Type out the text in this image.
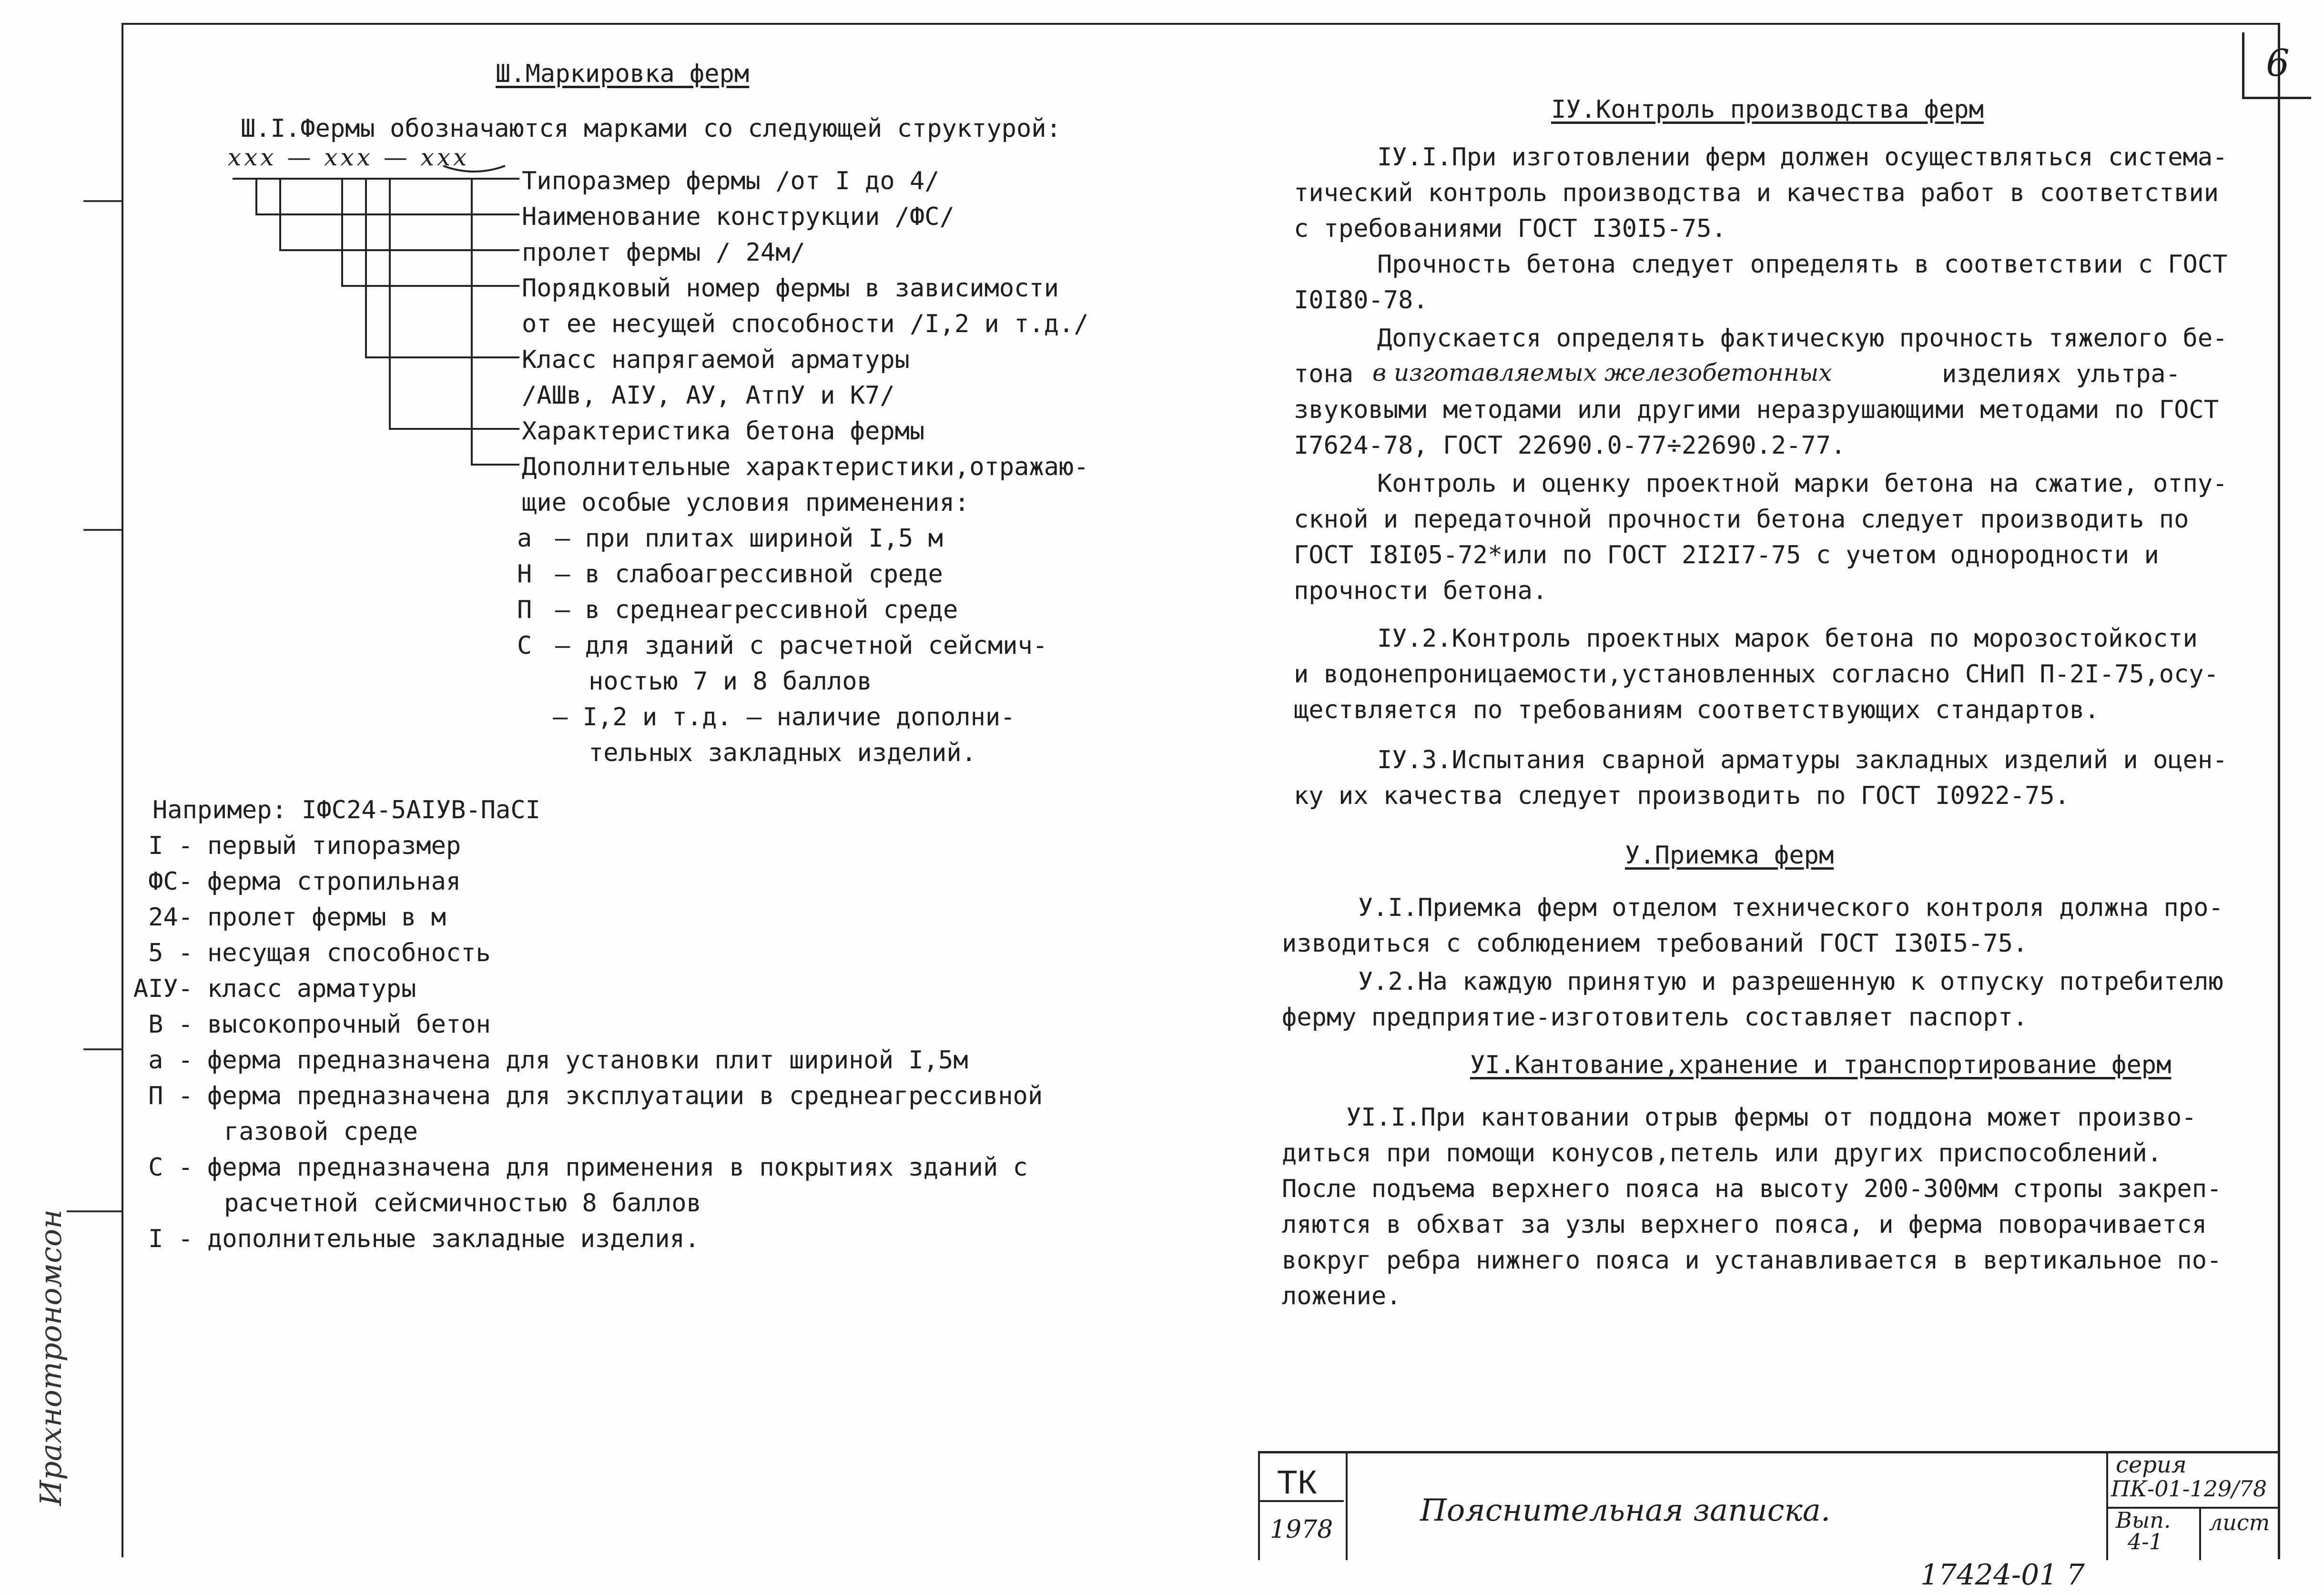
6
Ирахнотрономсон
Ш.Маркировка ферм
Ш.I.Фермы обозначаются марками со следующей структурой:
ххх — ххх — ххх
Типоразмер фермы /от I до 4/
Наименование конструкции /ФС/
пролет фермы / 24м/
Порядковый номер фермы в зависимости
от ее несущей способности /I,2 и т.д./
Класс напрягаемой арматуры
/АШв, АIУ, АУ, АтпУ и К7/
Характеристика бетона фермы
Дополнительные характеристики,отражаю-
щие особые условия применения:
а – при плитах шириной I,5 м
Н – в слабоагрессивной среде
П – в среднеагрессивной среде
С – для зданий с расчетной сейсмич-
ностью 7 и 8 баллов
– I,2 и т.д. – наличие дополни-
тельных закладных изделий.
Например: IФС24-5АIУВ-ПаСI
I - первый типоразмер
ФС- ферма стропильная
24- пролет фермы в м
5 - несущая способность
АIУ- класс арматуры
В - высокопрочный бетон
а - ферма предназначена для установки плит шириной I,5м
П - ферма предназначена для эксплуатации в среднеагрессивной
газовой среде
С - ферма предназначена для применения в покрытиях зданий с
расчетной сейсмичностью 8 баллов
I - дополнительные закладные изделия.
IУ.Контроль производства ферм
IУ.I.При изготовлении ферм должен осуществляться система-
тический контроль производства и качества работ в соответствии
с требованиями ГОСТ I30I5-75.
Прочность бетона следует определять в соответствии с ГОСТ
I0I80-78.
Допускается определять фактическую прочность тяжелого бе-
тона в изготавляемых железобетонных	изделиях ультра-
звуковыми методами или другими неразрушающими методами по ГОСТ
I7624-78, ГОСТ 22690.0-77÷22690.2-77.
Контроль и оценку проектной марки бетона на сжатие, отпу-
скной и передаточной прочности бетона следует производить по
ГОСТ I8I05-72*или по ГОСТ 2I2I7-75 с учетом однородности и
прочности бетона.
IУ.2.Контроль проектных марок бетона по морозостойкости
и водонепроницаемости,установленных согласно СНиП П-2I-75,осу-
ществляется по требованиям соответствующих стандартов.
IУ.3.Испытания сварной арматуры закладных изделий и оцен-
ку их качества следует производить по ГОСТ I0922-75.
У.Приемка ферм
У.I.Приемка ферм отделом технического контроля должна про-
изводиться с соблюдением требований ГОСТ I30I5-75.
У.2.На каждую принятую и разрешенную к отпуску потребителю
ферму предприятие-изготовитель составляет паспорт.
УI.Кантование,хранение и транспортирование ферм
УI.I.При кантовании отрыв фермы от поддона может произво-
диться при помощи конусов,петель или других приспособлений.
После подъема верхнего пояса на высоту 200-300мм стропы закреп-
ляются в обхват за узлы верхнего пояса, и ферма поворачивается
вокруг ребра нижнего пояса и устанавливается в вертикальное по-
ложение.
ТК
1978
Пояснительная записка.
серия
ПК-01-129/78
Вып.
4-1
лист
17424-01 7
